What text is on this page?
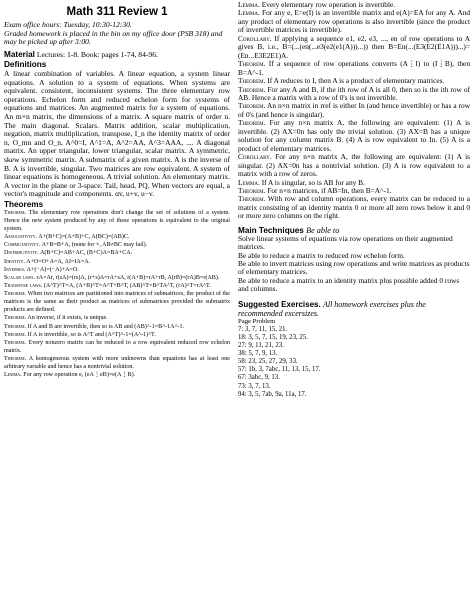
Math 311 Review 1
Exam office hours: Tuesday, 10:30-12:30.
Graded homework is placed in the bin on my office door (PSB 318) and may be picked up after 3:00.
Material Lectures: 1-8. Book: pages 1-74, 84-96.
Definitions

A linear combination of variables. A linear equation, a system linear equations. A solution to a system of equations. When systems are equivalent. consistent, inconsistent systems. The three elementary row operations. Echelon form and reduced echelon form for systems of equations and matrices. An augmented matrix for a system of equations. An m×n matrix, the dimensions of a matrix. A square matrix of order n. The main diagonal. Scalars. Matrix addition, scalar multiplication, negation, matrix multiplication, transpose, I_n the identity matrix of order n, O_mn and O_n, A^0=I, A^1=A, A^2=AA, A^3=AAA, .... A diagonal matrix. An upper triangular, lower triangular, scalar matrix. A symmetric, skew symmetric matrix. A submatrix of a given matrix. A is the inverse of B. A is invertible, singular. Two matrices are row equivalent. A system of linear equations is homogeneous. A trivial solution. An elementary matrix. A vector in the plane or 3-space. Tail, head, PQ. When vectors are equal, a vector's magnitude and components. αv, u+v, u−v.

Theorems

Theorem. The elementary row operations don't change the set of solutions of a system. Hence the new system produced by any of these operations is equivalent to the original system.

Associativity. A+(B+C)=(A+B)+C, A(BC)=(AB)C.

Commutativity. A+B=B+A, (none for ×, AB≠BC may fail).

Distributivity. A(B+C)=AB+AC, (B+C)A=BA+CA.

Identity. A+O=O+A=A, AI=IA=A.

Inverses. A+(−A)=(−A)+A=O.

Scalar laws. rA=Ar, r(sA)=(rs)A, (r+s)A=rA+sA, r(A+B)=rA+rB, A(rB)=(rA)B=r(AB).

Transpose laws. (A^T)^T=A, (A+B)^T=A^T+B^T, (AB)^T=B^TA^T, (rA)^T=rA^T.

Theorem. When two matrices are partitioned into matrices of submatrices, the product of the matrices is the same as their product as matrices of submatrices provided the submatrix products are defined.

Theorem. An inverse, if it exists, is unique.

Theorem. If A and B are invertible, then so is AB and (AB)^-1=B^-1A^-1.

Theorem. If A is invertible, so is A^T and (A^T)^-1=(A^-1)^T.

Theorem. Every nonzero matrix can be reduced to a row equivalent reduced row echelon matrix.

Theorem. A homogeneous system with more unknowns than equations has at least one arbitrary variable and hence has a nontrivial solution.

Lemma. For any row operation e, (eA⋮eB)=e(A⋮B).

Lemma. Every elementary row operation is invertible.

Lemma. For any e, E=e(I) is an invertible matrix and e(A)=EA for any A. And any product of elementary row operations is also invertible (since the product of invertible matrices is invertible).

Corollary. If applying a sequence e1, e2, e3, ..., en of row operations to A gives B, i.e., B=(...(en(...e3(e2(e1(A)))...)) then B=En(...(E3(E2(E1A)))...)=(En...E3E2E1)A.

Theorem. If a sequence of row operations converts (A⋮I) to (I⋮B), then B=A^-1.

Theorem. If A reduces to I, then A is a product of elementary matrices.

Theorem. For any A and B, if the ith row of A is all 0, then so is the ith row of AB. Hence a matrix with a row of 0's is not invertible.

Theorem. An n×n matrix in rref is either In (and hence invertible) or has a row of 0's (and hence is singular).

Theorem. For any n×n matrix A, the following are equivalent: (1) A is invertible. (2) AX=0n has only the trivial solution. (3) AX=B has a unique solution for any column matrix B. (4) A is row equivalent to In. (5) A is a product of elementary matrices.

Corollary. For any n×n matrix A, the following are equivalent: (1) A is singular. (2) AX=0n has a nontrivial solution. (3) A is row equivalent to a matrix with a row of zeros.

Lemma. If A is singular, so is AB for any B.

Theorem. For n×n matrices, if AB=In, then B=A^-1.

Theorem. With row and column operations, every matrix can be reduced to a matrix consisting of an identity matrix 0 or more all zero rows below it and 0 or more zero columns on the right.

Main Techniques Be able to

Solve linear systems of equations via row operations on their augmented matrices.

Be able to reduce a matrix to reduced row echelon form.

Be able to invert matrices using row operations and write matrices as products of elementary matrices.

Be able to reduce a matrix to an identity matrix plus possible added 0 rows and columns.

Suggested Exercises. All homework exercises plus the recommended excersizes.
Page Problem
7: 3, 7, 11, 15, 21.
18: 3, 5, 7, 15, 19, 23, 25.
27: 9, 11, 21, 23.
38: 5, 7, 9, 13.
58: 23, 25, 27, 29, 33.
57: 1b, 3, 7abc, 11, 13, 15, 17.
67: 3abc, 9, 13.
73: 3, 7, 13.
94: 3, 5, 7ab, 9a, 11a, 17.
